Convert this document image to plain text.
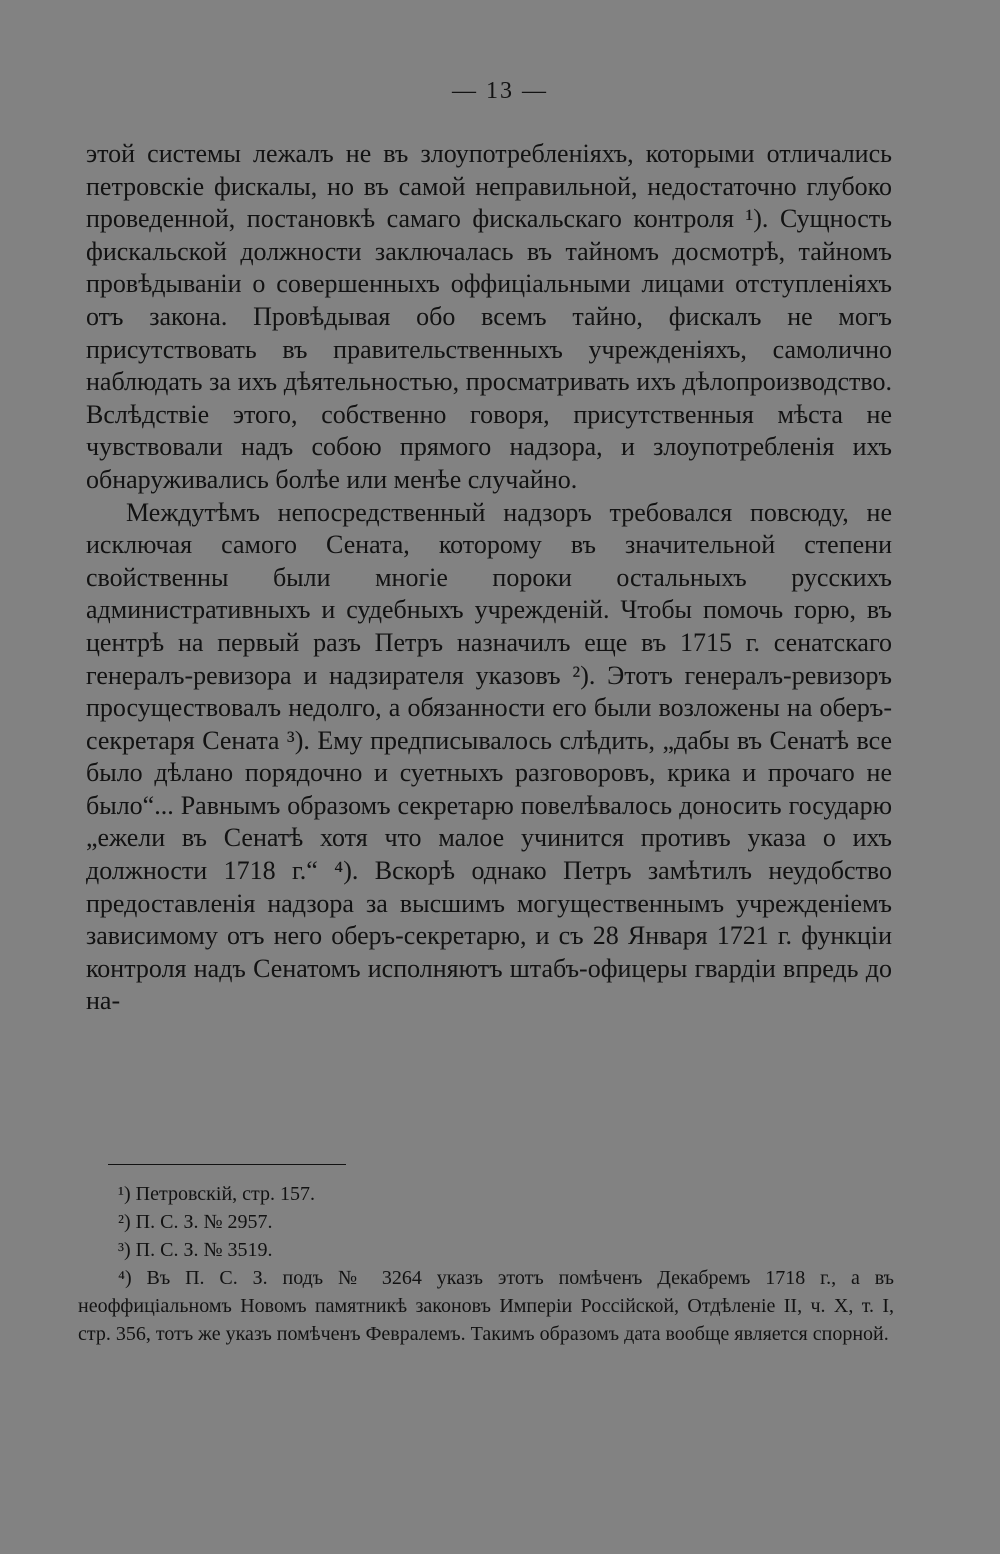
— 13 —

этой системы лежалъ не въ злоупотребленіяхъ, которыми отличались петровскіе фискалы, но въ самой неправильной, недостаточно глубоко проведенной, постановкѣ самаго фискальскаго контроля ¹). Сущность фискальской должности заключалась въ тайномъ досмотрѣ, тайномъ провѣдываніи о совершенныхъ оффиціальными лицами отступленіяхъ отъ закона. Провѣдывая обо всемъ тайно, фискалъ не могъ присутствовать въ правительственныхъ учрежденіяхъ, самолично наблюдать за ихъ дѣятельностью, просматривать ихъ дѣлопроизводство. Вслѣдствіе этого, собственно говоря, присутственныя мѣста не чувствовали надъ собою прямого надзора, и злоупотребленія ихъ обнаруживались болѣе или менѣе случайно.

Междутѣмъ непосредственный надзоръ требовался повсюду, не исключая самого Сената, которому въ значительной степени свойственны были многіе пороки остальныхъ русскихъ административныхъ и судебныхъ учрежденій. Чтобы помочь горю, въ центрѣ на первый разъ Петръ назначилъ еще въ 1715 г. сенатскаго генералъ-ревизора и надзирателя указовъ ²). Этотъ генералъ-ревизоръ просуществовалъ недолго, а обязанности его были возложены на оберъ-секретаря Сената ³). Ему предписывалось слѣдить, „дабы въ Сенатѣ все было дѣлано порядочно и суетныхъ разговоровъ, крика и прочаго не было“... Равнымъ образомъ секретарю повелѣвалось доносить государю „ежели въ Сенатѣ хотя что малое учинится противъ указа о ихъ должности 1718 г.“ ⁴). Вскорѣ однако Петръ замѣтилъ неудобство предоставленія надзора за высшимъ могущественнымъ учрежденіемъ зависимому отъ него оберъ-секретарю, и съ 28 Января 1721 г. функціи контроля надъ Сенатомъ исполняютъ штабъ-офицеры гвардіи впредь до на-

¹) Петровскій, стр. 157.

²) П. С. З. № 2957.

³) П. С. З. № 3519.

⁴) Въ П. С. З. подъ № 3264 указъ этотъ помѣченъ Декабремъ 1718 г., а въ неоффиціальномъ Новомъ памятникѣ законовъ Имперіи Россійской, Отдѣленіе II, ч. X, т. I, стр. 356, тотъ же указъ помѣченъ Февралемъ. Такимъ образомъ дата вообще является спорной.
